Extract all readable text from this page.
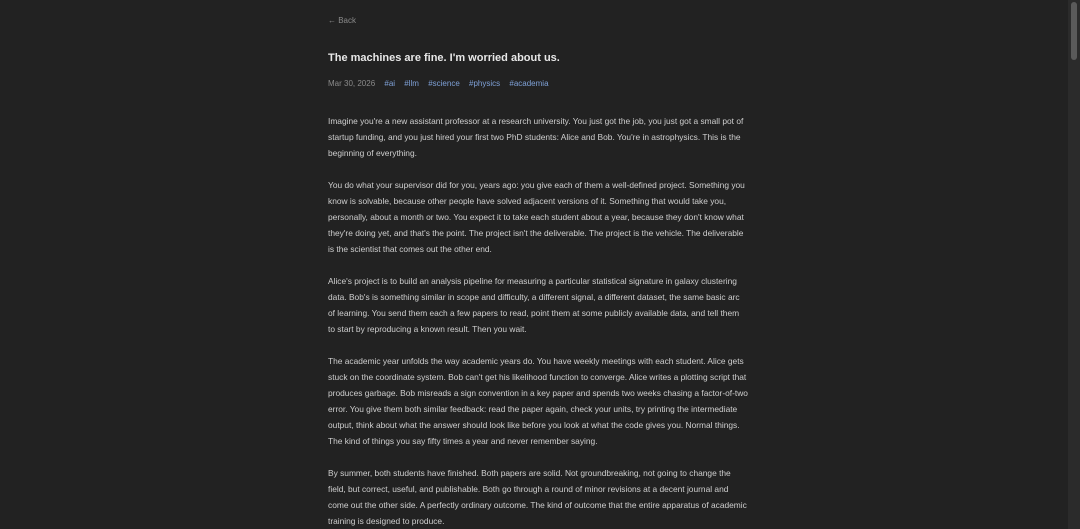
← Back
The machines are fine. I'm worried about us.
Mar 30, 2026 #ai #llm #science #physics #academia

Imagine you're a new assistant professor at a research university. You just got the job, you just got a small pot of startup funding, and you just hired your first two PhD students: Alice and Bob. You're in astrophysics. This is the beginning of everything.

You do what your supervisor did for you, years ago: you give each of them a well-defined project. Something you know is solvable, because other people have solved adjacent versions of it. Something that would take you, personally, about a month or two. You expect it to take each student about a year, because they don't know what they're doing yet, and that's the point. The project isn't the deliverable. The project is the vehicle. The deliverable is the scientist that comes out the other end.

Alice's project is to build an analysis pipeline for measuring a particular statistical signature in galaxy clustering data. Bob's is something similar in scope and difficulty, a different signal, a different dataset, the same basic arc of learning. You send them each a few papers to read, point them at some publicly available data, and tell them to start by reproducing a known result. Then you wait.

The academic year unfolds the way academic years do. You have weekly meetings with each student. Alice gets stuck on the coordinate system. Bob can't get his likelihood function to converge. Alice writes a plotting script that produces garbage. Bob misreads a sign convention in a key paper and spends two weeks chasing a factor-of-two error. You give them both similar feedback: read the paper again, check your units, try printing the intermediate output, think about what the answer should look like before you look at what the code gives you. Normal things. The kind of things you say fifty times a year and never remember saying.

By summer, both students have finished. Both papers are solid. Not groundbreaking, not going to change the field, but correct, useful, and publishable. Both go through a round of minor revisions at a decent journal and come out the other side. A perfectly ordinary outcome. The kind of outcome that the entire apparatus of academic training is designed to produce.
